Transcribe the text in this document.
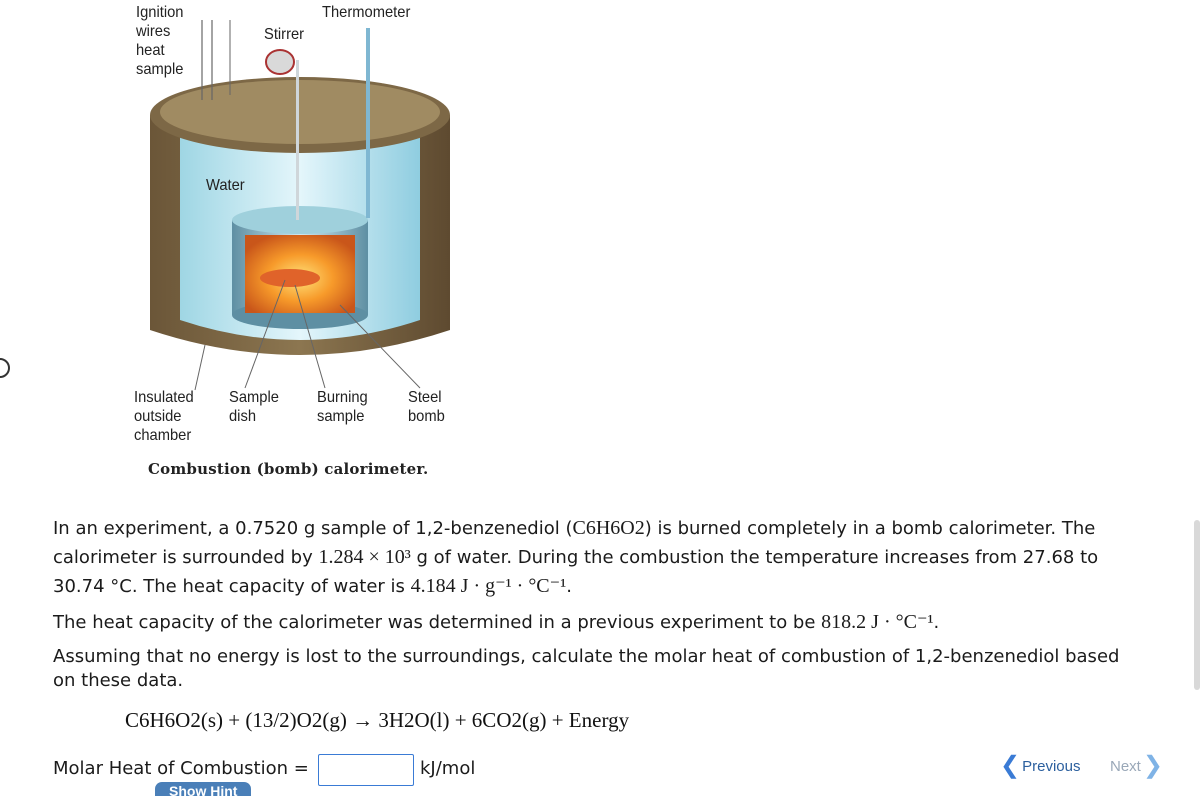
Ignition
wires
heat
sample
Stirrer
Thermometer
Water
Insulated
outside
chamber
Sample
dish
Burning
sample
Steel
bomb
Combustion (bomb) calorimeter.
In an experiment, a 0.7520 g sample of 1,2-benzenediol (C6H6O2) is burned completely in a bomb calorimeter. The calorimeter is surrounded by 1.284 × 10³ g of water. During the combustion the temperature increases from 27.68 to 30.74 °C. The heat capacity of water is 4.184 J · g⁻¹ · °C⁻¹.
The heat capacity of the calorimeter was determined in a previous experiment to be 818.2 J · °C⁻¹.
Assuming that no energy is lost to the surroundings, calculate the molar heat of combustion of 1,2-benzenediol based on these data.
C6H6O2(s) + (13/2)O2(g) → 3H2O(l) + 6CO2(g) + Energy
Molar Heat of Combustion =	kJ/mol
Show Hint
❮ Previous Next ❯
